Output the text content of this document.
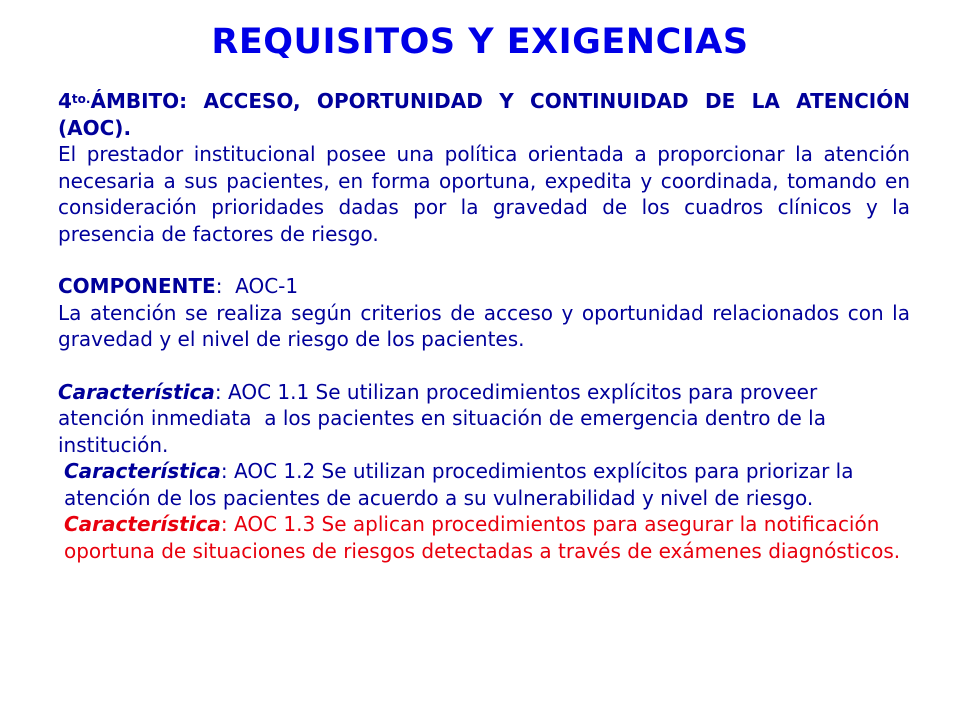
REQUISITOS Y EXIGENCIAS
$4^{to.}ÁMBITO$: ACCESO, OPORTUNIDAD Y CONTINUIDAD DE LA ATENCIÓN (AOC).
El prestador institucional posee una política orientada a proporcionar la atención necesaria a sus pacientes, en forma oportuna, expedita y coordinada, tomando en consideración prioridades dadas por la gravedad de los cuadros clínicos y la presencia de factores de riesgo.
COMPONENTE:  AOC-1
La atención se realiza según criterios de acceso y oportunidad relacionados con la gravedad y el nivel de riesgo de los pacientes.
Característica: AOC 1.1 Se utilizan procedimientos explícitos para proveer atención inmediata  a los pacientes en situación de emergencia dentro de la institución.
Característica: AOC 1.2 Se utilizan procedimientos explícitos para priorizar la atención de los pacientes de acuerdo a su vulnerabilidad y nivel de riesgo.
Característica: AOC 1.3 Se aplican procedimientos para asegurar la notificación oportuna de situaciones de riesgos detectadas a través de exámenes diagnósticos.
